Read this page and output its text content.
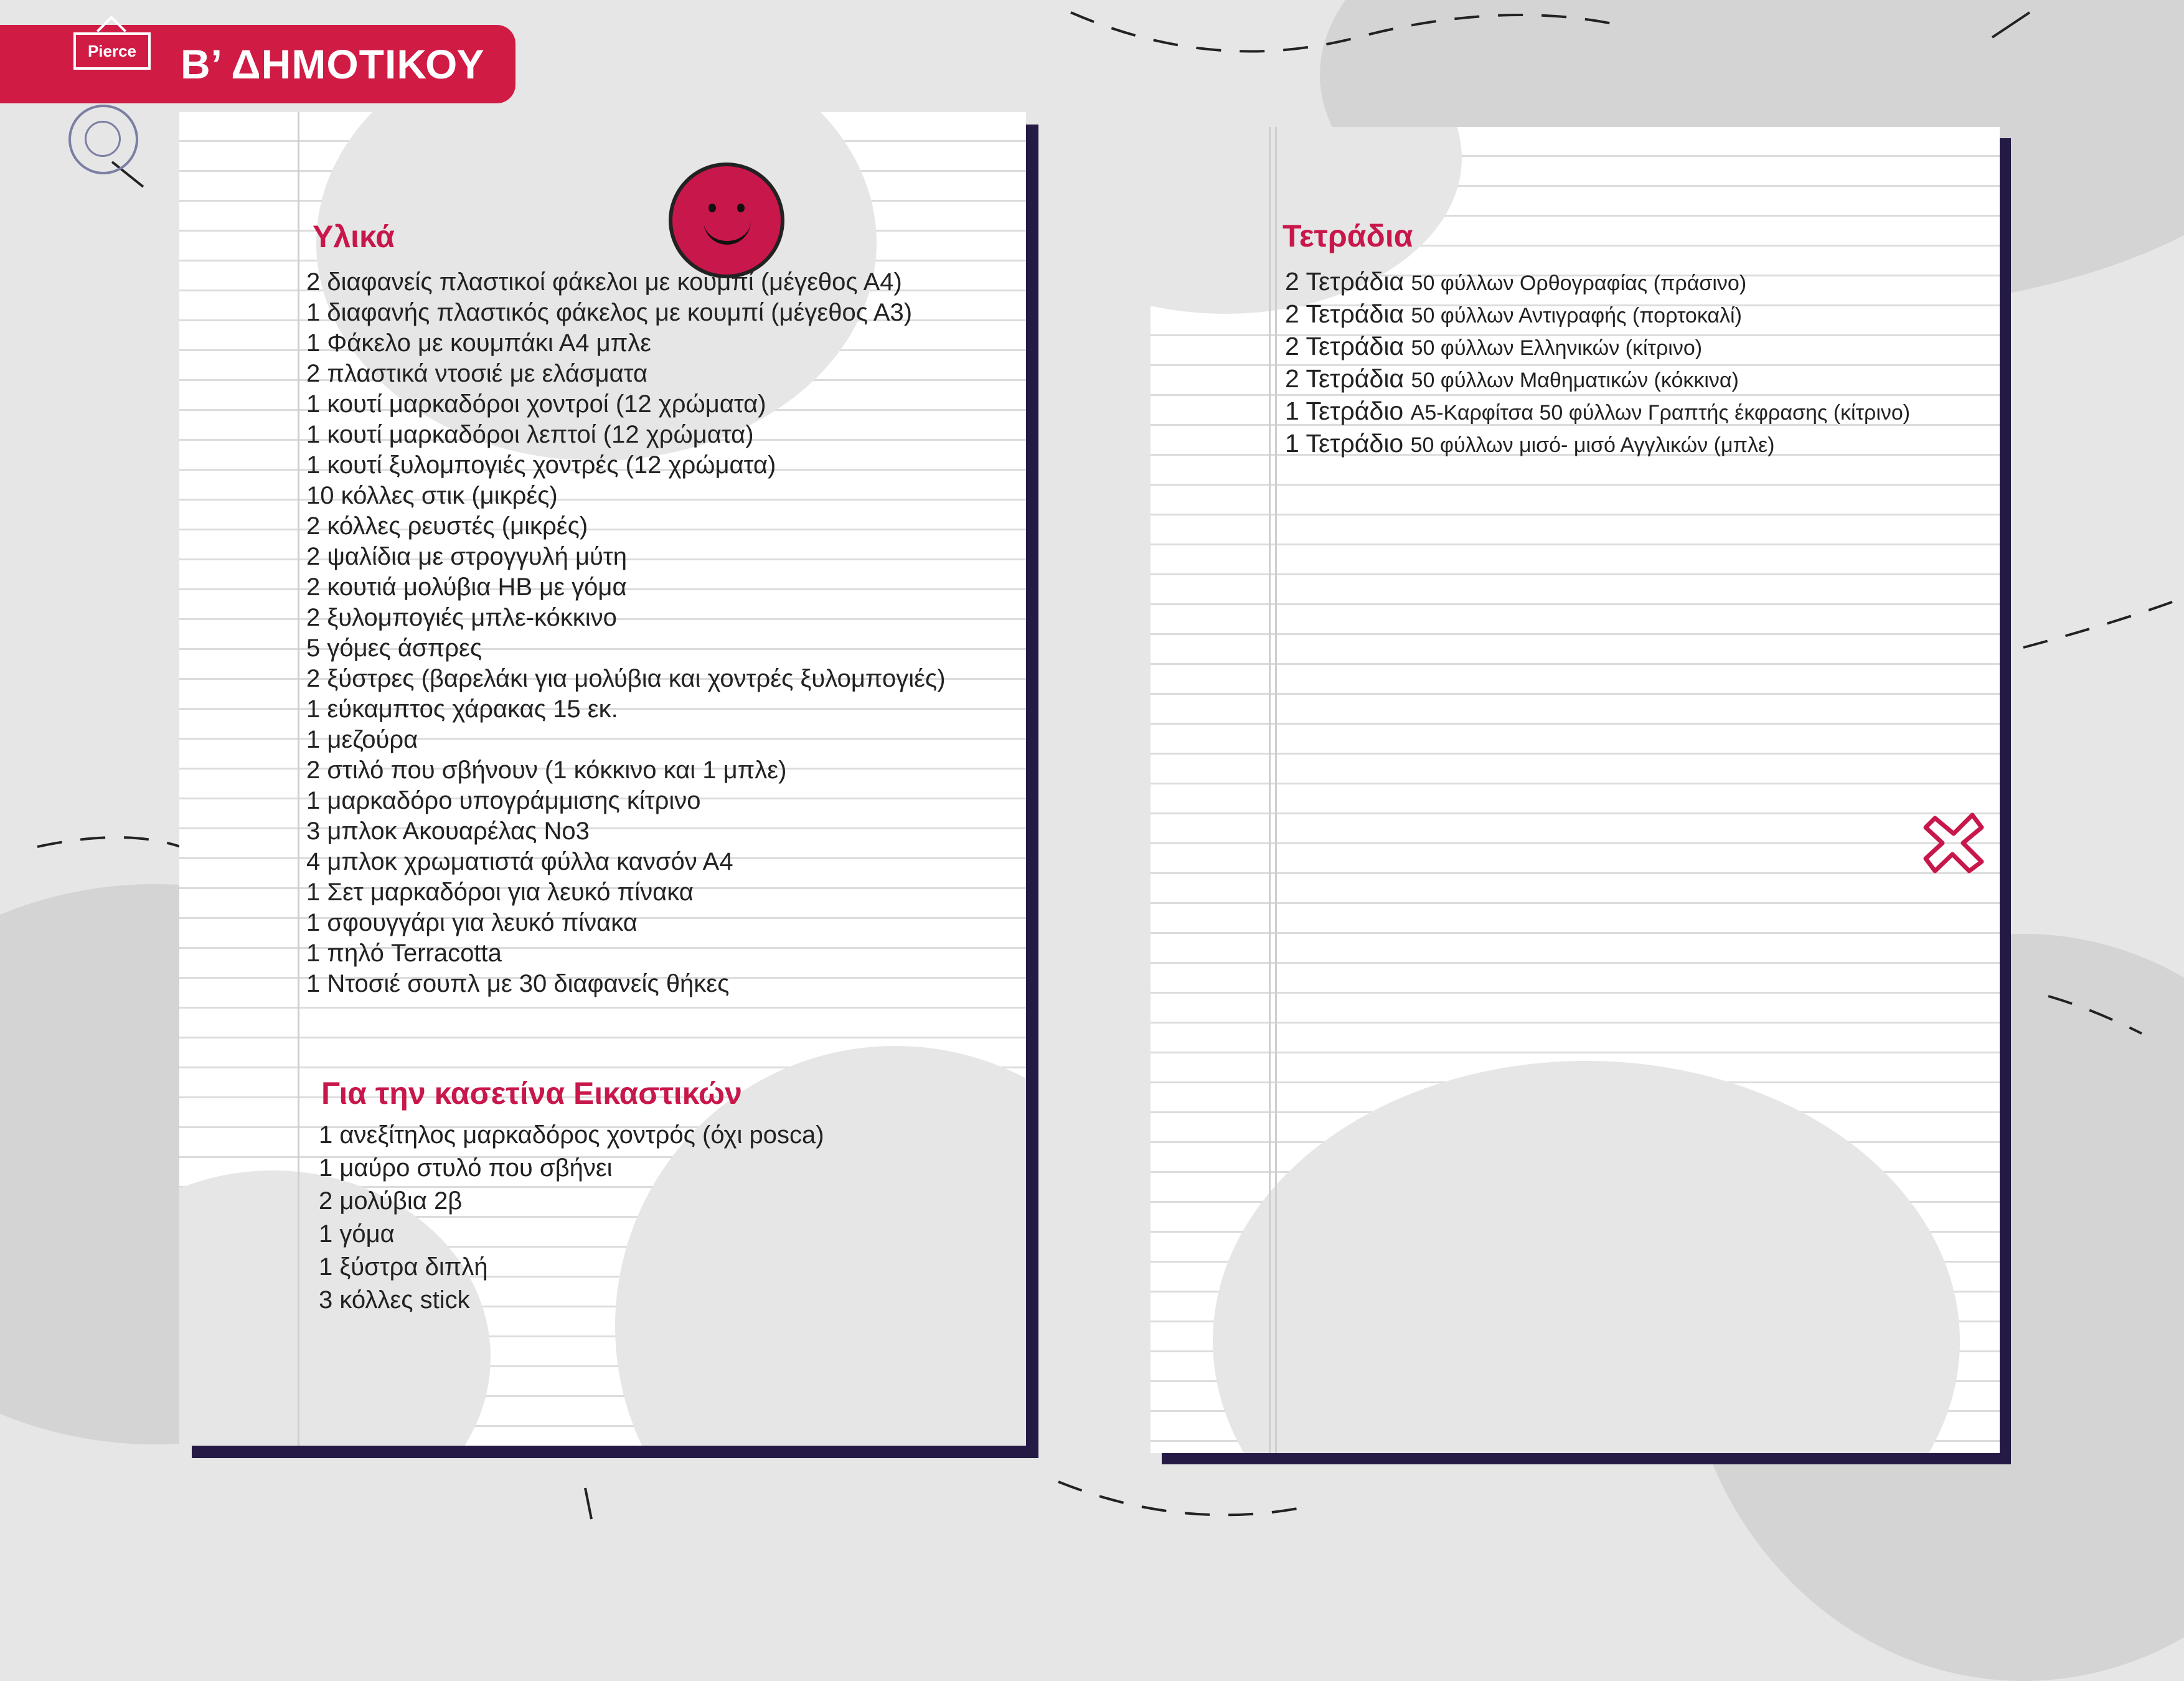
Pierce	Β’ ΔΗΜΟΤΙΚΟΥ
Υλικά
2 διαφανείς πλαστικοί φάκελοι με κουμπί (μέγεθος Α4)
1 διαφανής πλαστικός φάκελος με κουμπί (μέγεθος Α3)
1 Φάκελο με κουμπάκι Α4 μπλε
2 πλαστικά ντοσιέ με ελάσματα
1 κουτί μαρκαδόροι χοντροί (12 χρώματα)
1 κουτί μαρκαδόροι λεπτοί (12 χρώματα)
1 κουτί ξυλομπογιές χοντρές (12 χρώματα)
10 κόλλες στικ (μικρές)
2 κόλλες ρευστές (μικρές)
2 ψαλίδια με στρογγυλή μύτη
2 κουτιά μολύβια ΗΒ με γόμα
2 ξυλομπογιές μπλε-κόκκινο
5 γόμες άσπρες
2 ξύστρες (βαρελάκι για μολύβια και χοντρές ξυλομπογιές)
1 εύκαμπτος χάρακας 15 εκ.
1 μεζούρα
2 στιλό που σβήνουν (1 κόκκινο και 1 μπλε)
1 μαρκαδόρο υπογράμμισης κίτρινο
3 μπλοκ Ακουαρέλας Νο3
4 μπλοκ χρωματιστά φύλλα κανσόν Α4
1 Σετ μαρκαδόροι για λευκό πίνακα
1 σφουγγάρι για λευκό πίνακα
1 πηλό Terracotta
1 Ντοσιέ σουπλ με 30 διαφανείς θήκες
Για την κασετίνα Εικαστικών
1 ανεξίτηλος μαρκαδόρος χοντρός (όχι posca)
1 μαύρο στυλό που σβήνει
2 μολύβια 2β
1 γόμα
1 ξύστρα διπλή
3 κόλλες stick
Τετράδια
2 Τετράδια 50 φύλλων Ορθογραφίας (πράσινο)
2 Τετράδια 50 φύλλων Αντιγραφής (πορτοκαλί)
2 Τετράδια 50 φύλλων Ελληνικών (κίτρινο)
2 Τετράδια 50 φύλλων Μαθηματικών (κόκκινα)
1 Τετράδιο Α5-Καρφίτσα 50 φύλλων Γραπτής έκφρασης (κίτρινο)
1 Τετράδιο 50 φύλλων μισό- μισό Αγγλικών (μπλε)
